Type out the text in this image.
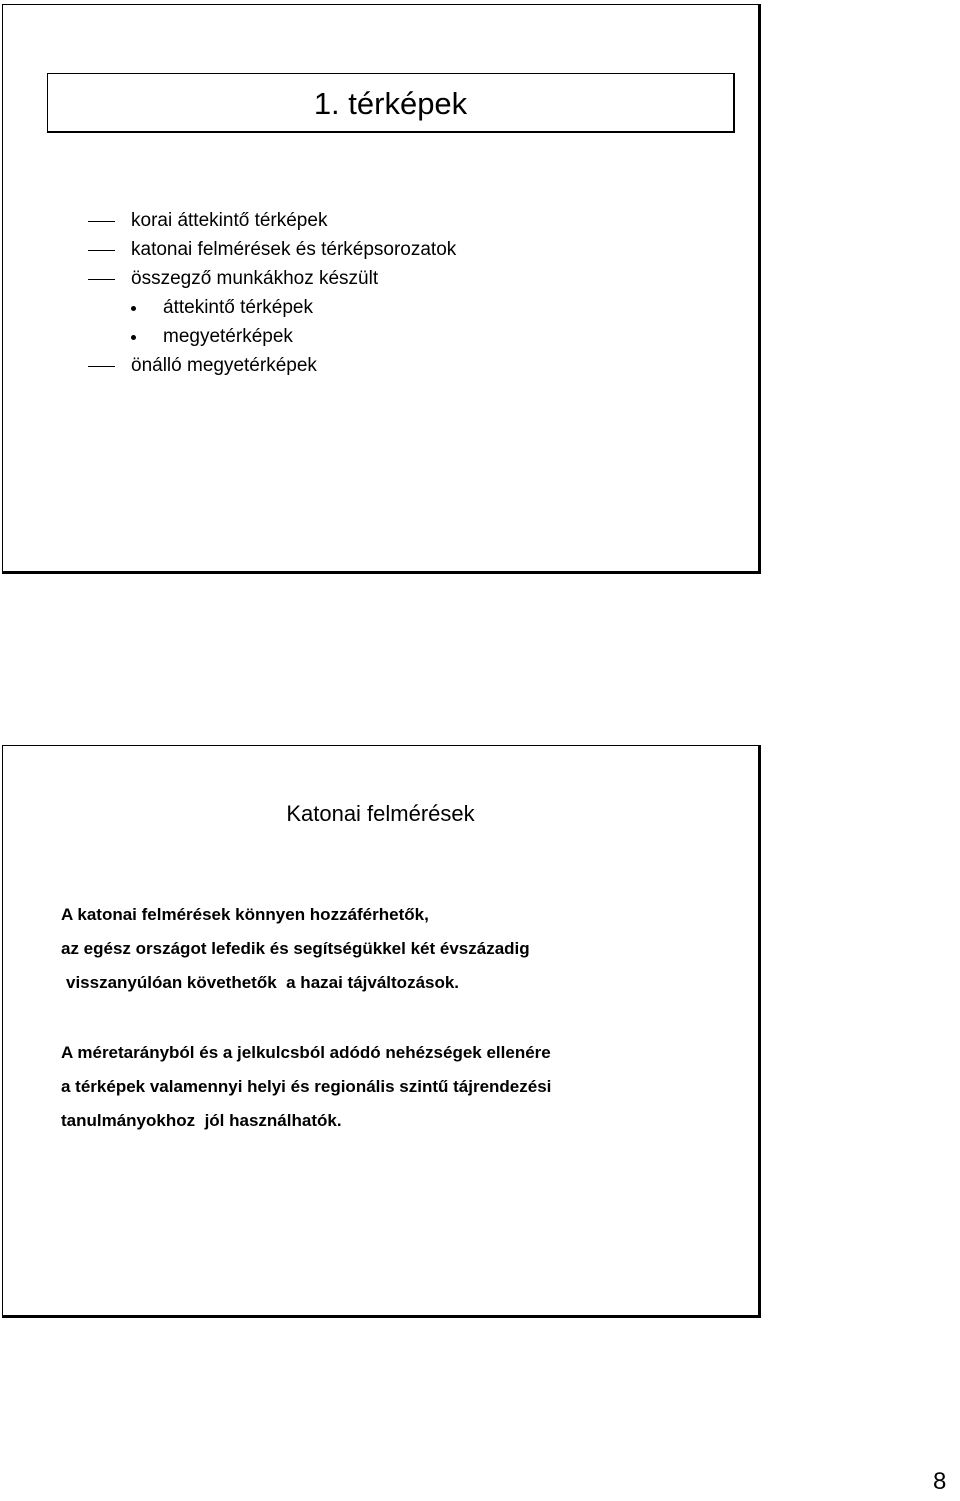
1. térképek
korai áttekintő térképek
katonai felmérések és térképsorozatok
összegző munkákhoz készült
áttekintő térképek
megyetérképek
önálló megyetérképek
Katonai felmérések
A katonai felmérések könnyen hozzáférhetők,
az egész országot lefedik és segítségükkel két évszázadig
visszanyúlóan követhetők  a hazai tájváltozások.
A méretarányból és a jelkulcsból adódó nehézségek ellenére
a térképek valamennyi helyi és regionális szintű tájrendezési
tanulmányokhoz  jól használhatók.
8
